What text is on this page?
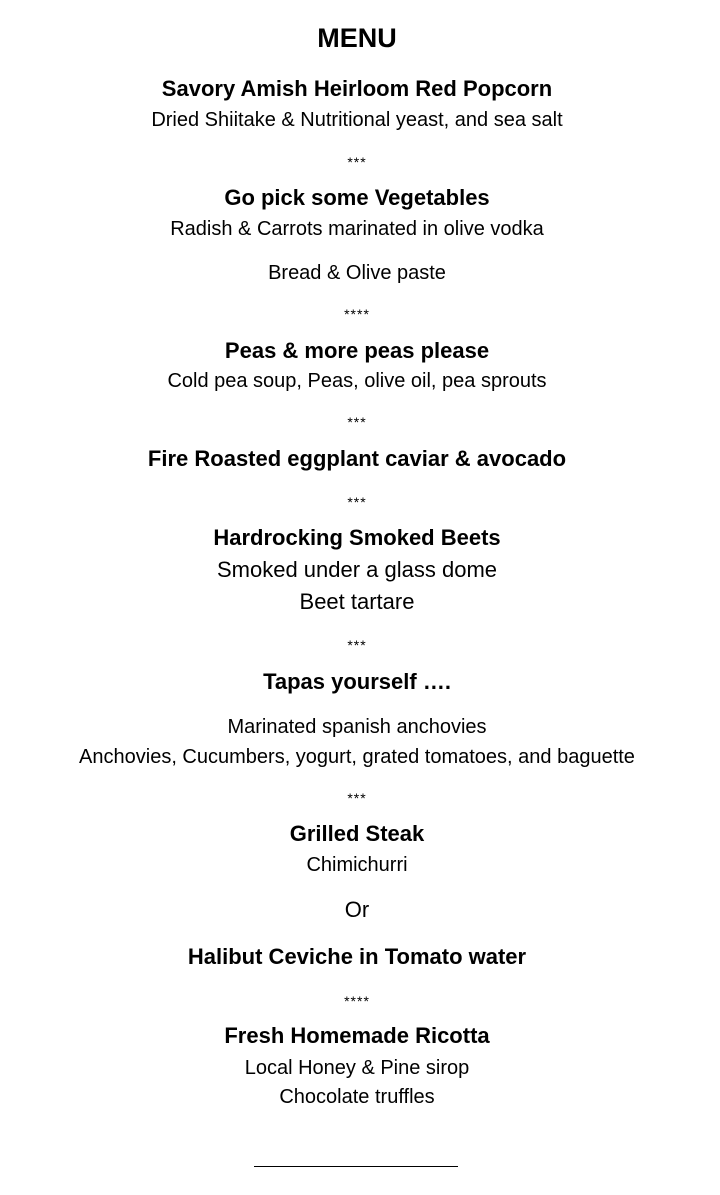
MENU
Savory Amish Heirloom Red Popcorn
Dried Shiitake & Nutritional yeast, and sea salt
***
Go pick some Vegetables
Radish & Carrots marinated in olive vodka
Bread & Olive paste
****
Peas & more peas please
Cold pea soup, Peas, olive oil, pea sprouts
***
Fire Roasted eggplant caviar & avocado
***
Hardrocking Smoked Beets
Smoked under a glass dome
Beet tartare
***
Tapas yourself ….
Marinated spanish anchovies
Anchovies, Cucumbers, yogurt, grated tomatoes, and baguette
***
Grilled Steak
Chimichurri
Or
Halibut Ceviche in Tomato water
****
Fresh Homemade Ricotta
Local Honey & Pine sirop
Chocolate truffles
